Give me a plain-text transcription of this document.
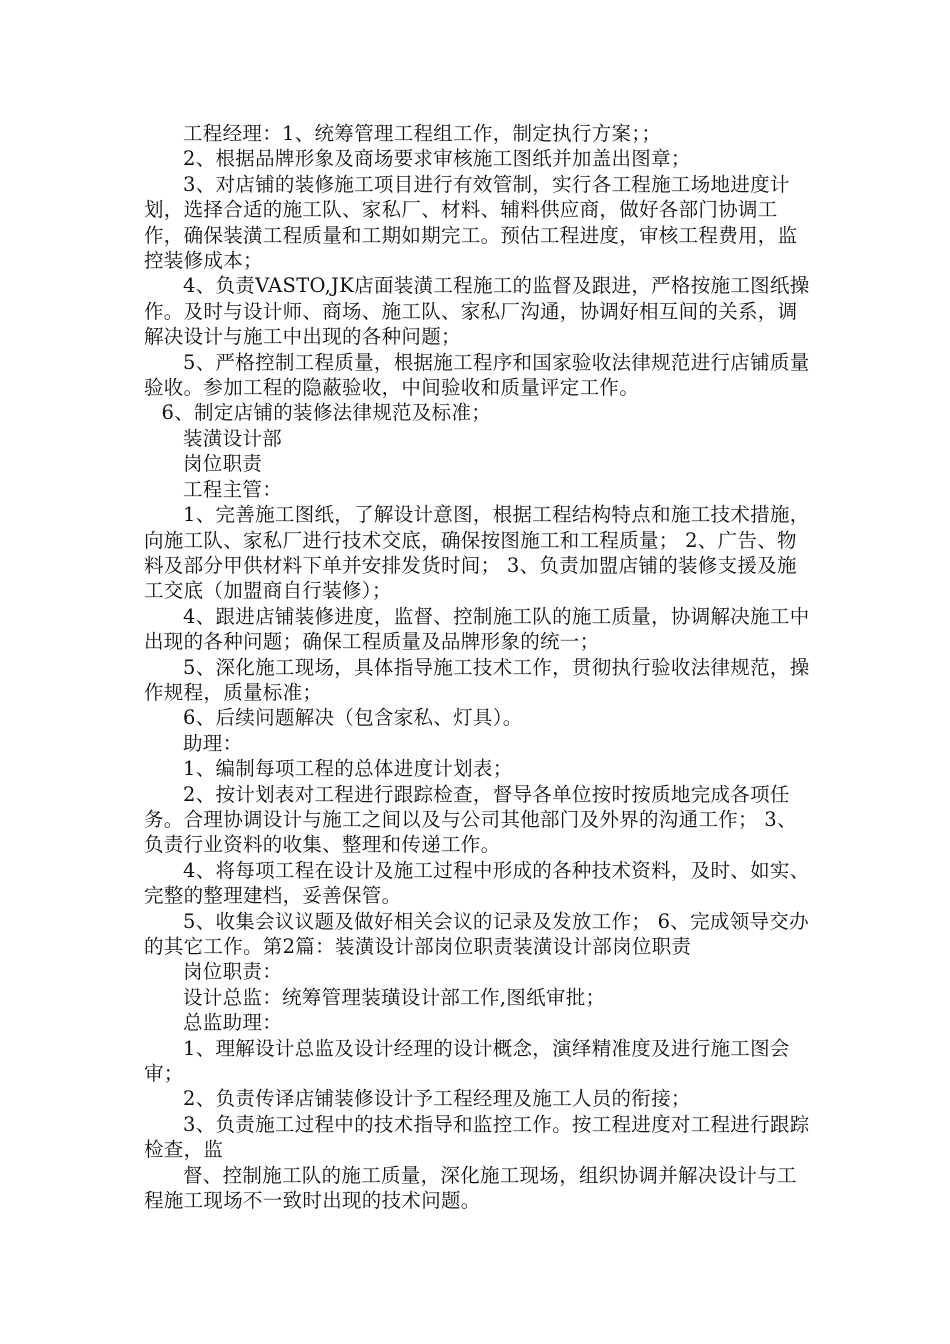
工程经理：1、统筹管理工程组工作，制定执行方案；；

2、根据品牌形象及商场要求审核施工图纸并加盖出图章；

3、对店铺的装修施工项目进行有效管制，实行各工程施工场地进度计划，选择合适的施工队、家私厂、材料、辅料供应商，做好各部门协调工作，确保装潢工程质量和工期如期完工。预估工程进度，审核工程费用，监控装修成本；

4、负责VASTO,JK店面装潢工程施工的监督及跟进，严格按施工图纸操作。及时与设计师、商场、施工队、家私厂沟通，协调好相互间的关系，调解决设计与施工中出现的各种问题；

5、严格控制工程质量，根据施工程序和国家验收法律规范进行店铺质量验收。参加工程的隐蔽验收，中间验收和质量评定工作。

6、制定店铺的装修法律规范及标准；

装潢设计部

岗位职责

工程主管：

1、完善施工图纸，了解设计意图，根据工程结构特点和施工技术措施，向施工队、家私厂进行技术交底，确保按图施工和工程质量； 2、广告、物料及部分甲供材料下单并安排发货时间； 3、负责加盟店铺的装修支援及施工交底（加盟商自行装修）；

4、跟进店铺装修进度，监督、控制施工队的施工质量，协调解决施工中出现的各种问题；确保工程质量及品牌形象的统一；

5、深化施工现场，具体指导施工技术工作，贯彻执行验收法律规范，操作规程，质量标准；

6、后续问题解决（包含家私、灯具）。

助理：

1、编制每项工程的总体进度计划表；

2、按计划表对工程进行跟踪检查，督导各单位按时按质地完成各项任务。合理协调设计与施工之间以及与公司其他部门及外界的沟通工作； 3、负责行业资料的收集、整理和传递工作。

4、将每项工程在设计及施工过程中形成的各种技术资料，及时、如实、完整的整理建档，妥善保管。

5、收集会议议题及做好相关会议的记录及发放工作； 6、完成领导交办的其它工作。第2篇：装潢设计部岗位职责装潢设计部岗位职责

岗位职责：

设计总监：统筹管理装璜设计部工作,图纸审批；

总监助理：

1、理解设计总监及设计经理的设计概念，演绎精准度及进行施工图会审；

2、负责传译店铺装修设计予工程经理及施工人员的衔接；

3、负责施工过程中的技术指导和监控工作。按工程进度对工程进行跟踪检查，监

督、控制施工队的施工质量，深化施工现场，组织协调并解决设计与工程施工现场不一致时出现的技术问题。
